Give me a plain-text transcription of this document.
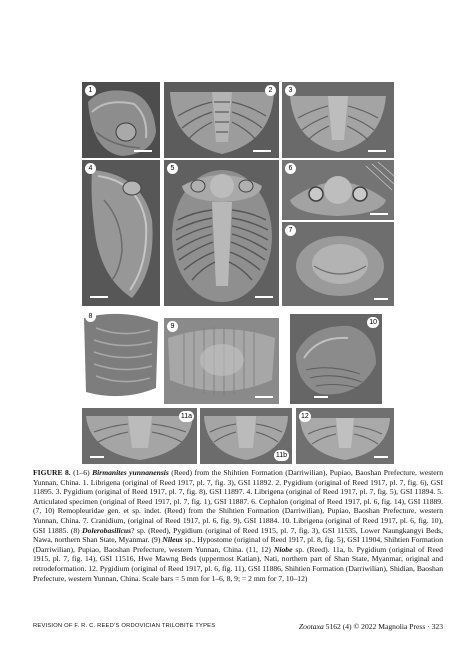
1	2	3
4	5	6
7
8
9
10
11a
11b
12
FIGURE 8. (1–6) Birmanites yunnanensis (Reed) from the Shihtien Formation (Darriwilian), Pupiao, Baoshan Prefecture, western Yunnan, China. 1. Librigena (original of Reed 1917, pl. 7, fig. 3), GSI 11892. 2. Pygidium (original of Reed 1917, pl. 7, fig. 6), GSI 11895. 3. Pygidium (original of Reed 1917, pl. 7, fig. 8), GSI 11897. 4. Librigena (original of Reed 1917, pl. 7, fig. 5), GSI 11894. 5. Articulated specimen (original of Reed 1917, pl. 7, fig. 1), GSI 11887. 6. Cephalon (original of Reed 1917, pl. 6, fig. 14), GSI 11889. (7, 10) Remopleuridae gen. et sp. indet. (Reed) from the Shihtien Formation (Darriwilian), Pupiao, Baoshan Prefecture, western Yunnan, China. 7. Cranidium, (original of Reed 1917, pl. 6, fig. 9), GSI 11884. 10. Librigena (original of Reed 1917, pl. 6, fig. 10), GSI 11885. (8) Dolerobasilicus? sp. (Reed), Pygidium (original of Reed 1915, pl. 7, fig. 3), GSI 11535, Lower Naungkangyi Beds, Nawa, northern Shan State, Myanmar. (9) Nileus sp., Hypostome (original of Reed 1917, pl. 8, fig. 5), GSI 11904, Shihtien Formation (Darriwilian), Pupiao, Baoshan Prefecture, western Yunnan, China. (11, 12) Niobe sp. (Reed). 11a, b. Pygidium (original of Reed 1915, pl. 7, fig. 14), GSI 11516, Hwe Mawng Beds (uppermost Katian), Nati, northern part of Shan State, Myanmar, original and retrodeformation. 12. Pygidium (original of Reed 1917, pl. 6, fig. 11), GSI 11886, Shihtien Formation (Darriwilian), Shidian, Baoshan Prefecture, western Yunnan, China. Scale bars = 5 mm for 1–6, 8, 9; = 2 mm for 7, 10–12)
REVISION OF F. R. C. REED’S ORDOVICIAN TRILOBITE TYPES	Zootaxa 5162 (4) © 2022 Magnolia Press · 323
